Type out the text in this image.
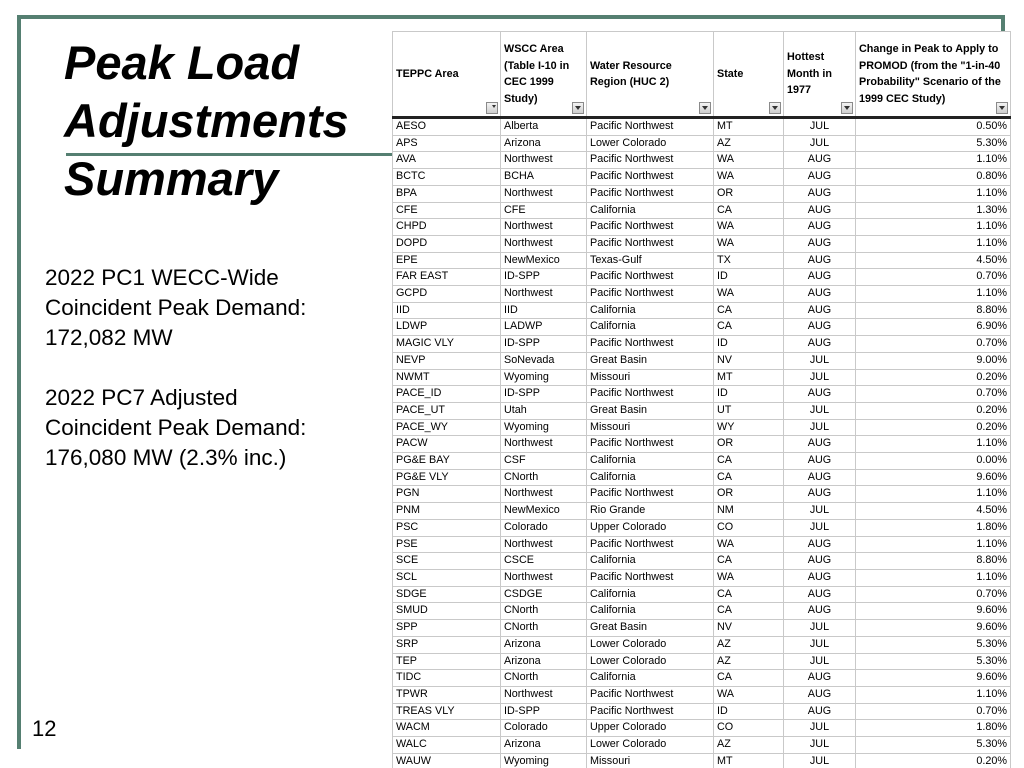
Peak Load
Adjustments
Summary

2022 PC1 WECC-Wide

Coincident Peak Demand:

172,082 MW

2022 PC7 Adjusted

Coincident Peak Demand:

176,080 MW (2.3% inc.)

12
TEPPC Area	WSCC Area (Table I-10 in CEC 1999 Study)	Water Resource Region (HUC 2)	State	Hottest Month in 1977	Change in Peak to Apply to PROMOD (from the "1-in-40 Probability" Scenario of the 1999 CEC Study)

AESO	Alberta	Pacific Northwest	MT	JUL	0.50%
APS	Arizona	Lower Colorado	AZ	JUL	5.30%
AVA	Northwest	Pacific Northwest	WA	AUG	1.10%
BCTC	BCHA	Pacific Northwest	WA	AUG	0.80%
BPA	Northwest	Pacific Northwest	OR	AUG	1.10%
CFE	CFE	California	CA	AUG	1.30%
CHPD	Northwest	Pacific Northwest	WA	AUG	1.10%
DOPD	Northwest	Pacific Northwest	WA	AUG	1.10%
EPE	NewMexico	Texas-Gulf	TX	AUG	4.50%
FAR EAST	ID-SPP	Pacific Northwest	ID	AUG	0.70%
GCPD	Northwest	Pacific Northwest	WA	AUG	1.10%
IID	IID	California	CA	AUG	8.80%
LDWP	LADWP	California	CA	AUG	6.90%
MAGIC VLY	ID-SPP	Pacific Northwest	ID	AUG	0.70%
NEVP	SoNevada	Great Basin	NV	JUL	9.00%
NWMT	Wyoming	Missouri	MT	JUL	0.20%
PACE_ID	ID-SPP	Pacific Northwest	ID	AUG	0.70%
PACE_UT	Utah	Great Basin	UT	JUL	0.20%
PACE_WY	Wyoming	Missouri	WY	JUL	0.20%
PACW	Northwest	Pacific Northwest	OR	AUG	1.10%
PG&E BAY	CSF	California	CA	AUG	0.00%
PG&E VLY	CNorth	California	CA	AUG	9.60%
PGN	Northwest	Pacific Northwest	OR	AUG	1.10%
PNM	NewMexico	Rio Grande	NM	JUL	4.50%
PSC	Colorado	Upper Colorado	CO	JUL	1.80%
PSE	Northwest	Pacific Northwest	WA	AUG	1.10%
SCE	CSCE	California	CA	AUG	8.80%
SCL	Northwest	Pacific Northwest	WA	AUG	1.10%
SDGE	CSDGE	California	CA	AUG	0.70%
SMUD	CNorth	California	CA	AUG	9.60%
SPP	CNorth	Great Basin	NV	JUL	9.60%
SRP	Arizona	Lower Colorado	AZ	JUL	5.30%
TEP	Arizona	Lower Colorado	AZ	JUL	5.30%
TIDC	CNorth	California	CA	AUG	9.60%
TPWR	Northwest	Pacific Northwest	WA	AUG	1.10%
TREAS VLY	ID-SPP	Pacific Northwest	ID	AUG	0.70%
WACM	Colorado	Upper Colorado	CO	JUL	1.80%
WALC	Arizona	Lower Colorado	AZ	JUL	5.30%
WAUW	Wyoming	Missouri	MT	JUL	0.20%
